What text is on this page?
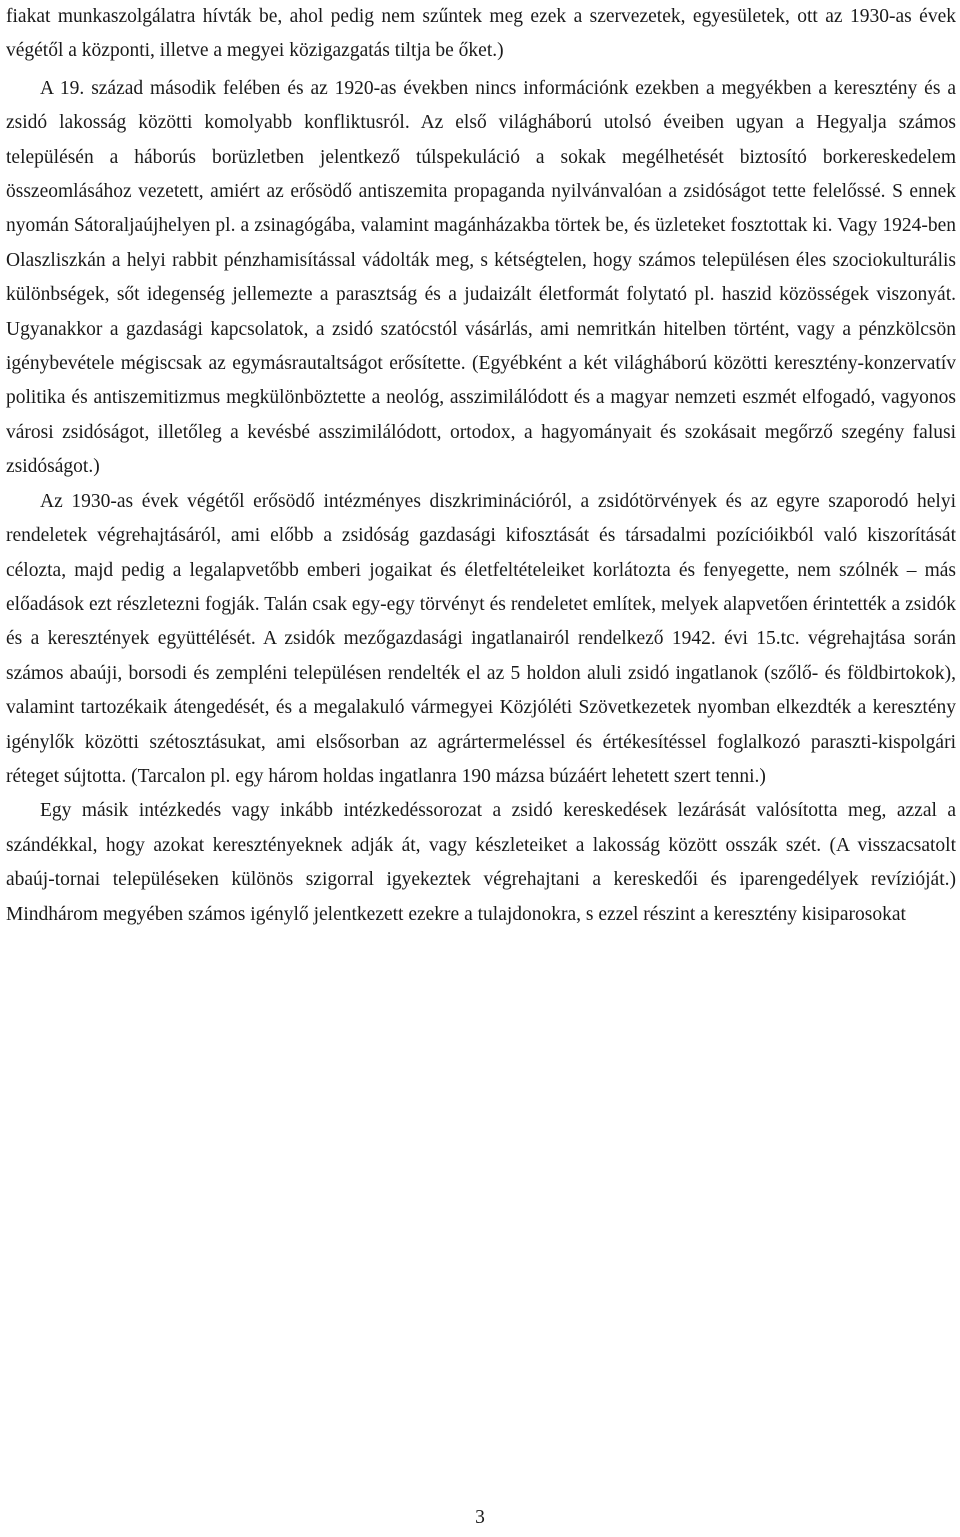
fiakat munkaszolgálatra hívták be, ahol pedig nem szűntek meg ezek a szervezetek, egyesületek, ott az 1930-as évek végétől a központi, illetve a megyei közigazgatás tiltja be őket.)

A 19. század második felében és az 1920-as években nincs információnk ezekben a megyékben a keresztény és a zsidó lakosság közötti komolyabb konfliktusról. Az első világháború utolsó éveiben ugyan a Hegyalja számos településén a háborús borüzletben jelentkező túlspekuláció a sokak megélhetését biztosító borkereskedelem összeomlásához vezetett, amiért az erősödő antiszemita propaganda nyilvánvalóan a zsidóságot tette felelőssé. S ennek nyomán Sátoraljaújhelyen pl. a zsinagógába, valamint magánházakba törtek be, és üzleteket fosztottak ki. Vagy 1924-ben Olaszliszkán a helyi rabbit pénzhamisítással vádolták meg, s kétségtelen, hogy számos településen éles szociokulturális különbségek, sőt idegenség jellemezte a parasztság és a judaizált életformát folytató pl. haszid közösségek viszonyát. Ugyanakkor a gazdasági kapcsolatok, a zsidó szatócstól vásárlás, ami nemritkán hitelben történt, vagy a pénzkölcsön igénybevétele mégiscsak az egymásrautaltságot erősítette. (Egyébként a két világháború közötti keresztény-konzervatív politika és antiszemitizmus megkülönböztette a neológ, asszimilálódott és a magyar nemzeti eszmét elfogadó, vagyonos városi zsidóságot, illetőleg a kevésbé asszimilálódott, ortodox, a hagyományait és szokásait megőrző szegény falusi zsidóságot.)

Az 1930-as évek végétől erősödő intézményes diszkriminációról, a zsidótörvények és az egyre szaporodó helyi rendeletek végrehajtásáról, ami előbb a zsidóság gazdasági kifosztását és társadalmi pozícióikból való kiszorítását célozta, majd pedig a legalapvetőbb emberi jogaikat és életfeltételeiket korlátozta és fenyegette, nem szólnék – más előadások ezt részletezni fogják. Talán csak egy-egy törvényt és rendeletet említek, melyek alapvetően érintették a zsidók és a keresztények együttélését. A zsidók mezőgazdasági ingatlanairól rendelkező 1942. évi 15.tc. végrehajtása során számos abaúji, borsodi és zempléni településen rendelték el az 5 holdon aluli zsidó ingatlanok (szőlő- és földbirtokok), valamint tartozékaik átengedését, és a megalakuló vármegyei Közjóléti Szövetkezetek nyomban elkezdték a keresztény igénylők közötti szétosztásukat, ami elsősorban az agrártermeléssel és értékesítéssel foglalkozó paraszti-kispolgári réteget sújtotta. (Tarcalon pl. egy három holdas ingatlanra 190 mázsa búzáért lehetett szert tenni.)

Egy másik intézkedés vagy inkább intézkedéssorozat a zsidó kereskedések lezárását valósította meg, azzal a szándékkal, hogy azokat keresztényeknek adják át, vagy készleteiket a lakosság között osszák szét. (A visszacsatolt abaúj-tornai településeken különös szigorral igyekeztek végrehajtani a kereskedői és iparengedélyek revízióját.) Mindhárom megyében számos igénylő jelentkezett ezekre a tulajdonokra, s ezzel részint a keresztény kisiparosokat

3
